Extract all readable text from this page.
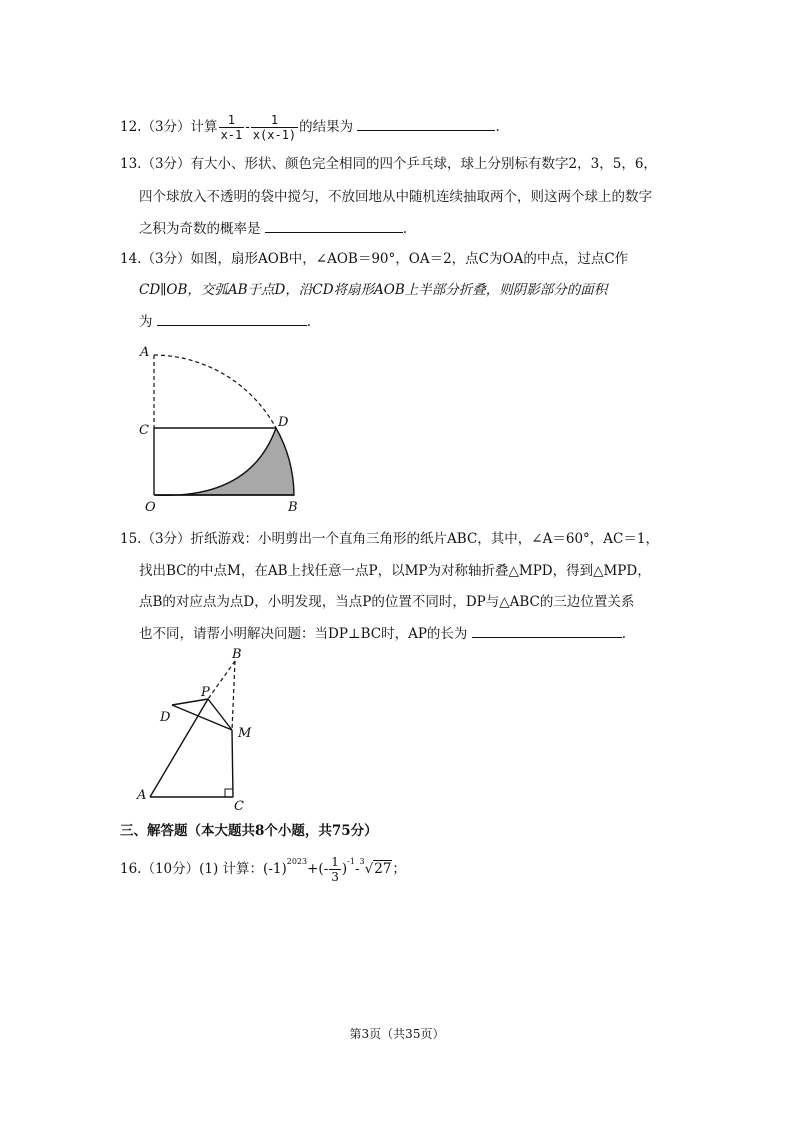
12.（3分）计算 $\frac{1}{x-1} - \frac{1}{x(x-1)}$ 的结果为	.
13.（3分）有大小、形状、颜色完全相同的四个乒乓球，球上分别标有数字2，3，5，6，
四个球放入不透明的袋中搅匀，不放回地从中随机连续抽取两个，则这两个球上的数字
之积为奇数的概率是	.
14.（3分）如图，扇形AOB中，∠AOB＝90°，OA＝2，点C为OA的中点，过点C作
CD∥OB，交弧AB于点D，沿CD将扇形AOB上半部分折叠，则阴影部分的面积
为	.
A
C
D
O	B
15.（3分）折纸游戏：小明剪出一个直角三角形的纸片ABC，其中，∠A＝60°，AC＝1，
找出BC的中点M，在AB上找任意一点P，以MP为对称轴折叠△MPD，得到△MPD，
点B的对应点为点D，小明发现，当点P的位置不同时，DP与△ABC的三边位置关系
也不同，请帮小明解决问题：当DP⊥BC时，AP的长为	.
B
P
D
M
A
C
三、解答题（本大题共8个小题，共75分）
16.（10分）(1) 计算：$(-1)^{2023}+(- \frac{1}{3} )^{-1}-^3√27$；
第3页（共35页）
